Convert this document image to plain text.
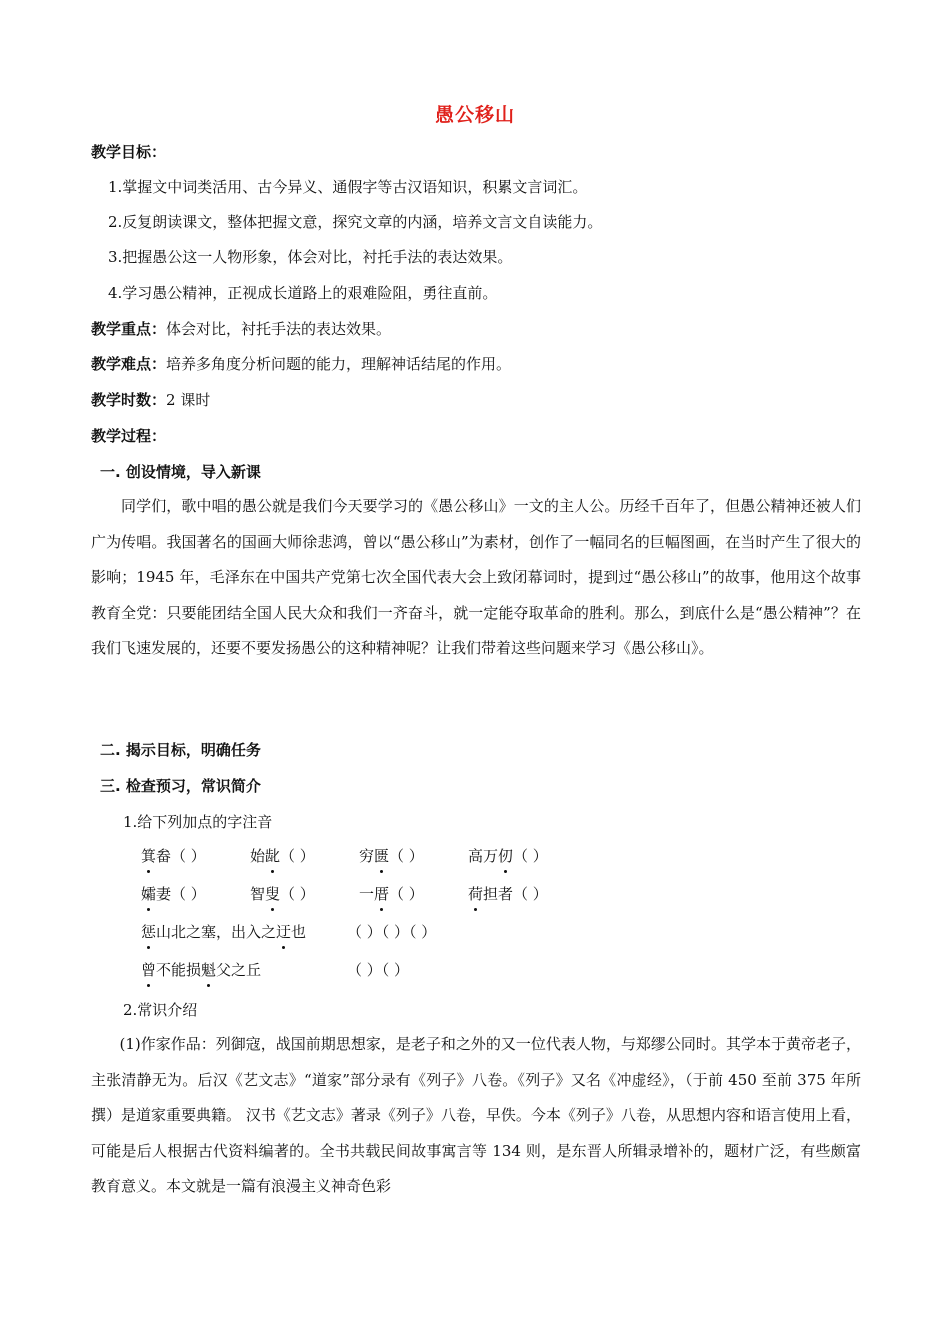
愚公移山
教学目标：
1.掌握文中词类活用、古今异义、通假字等古汉语知识，积累文言词汇。
2.反复朗读课文，整体把握文意，探究文章的内涵，培养文言文自读能力。
3.把握愚公这一人物形象，体会对比，衬托手法的表达效果。
4.学习愚公精神，正视成长道路上的艰难险阻，勇往直前。
教学重点：体会对比，衬托手法的表达效果。
教学难点：培养多角度分析问题的能力，理解神话结尾的作用。
教学时数：2 课时
教学过程：
一. 创设情境，导入新课
同学们，歌中唱的愚公就是我们今天要学习的《愚公移山》一文的主人公。历经千百年了，但愚公精神还被人们广为传唱。我国著名的国画大师徐悲鸿，曾以“愚公移山”为素材，创作了一幅同名的巨幅图画，在当时产生了很大的影响；1945 年，毛泽东在中国共产党第七次全国代表大会上致闭幕词时，提到过“愚公移山”的故事，他用这个故事教育全党：只要能团结全国人民大众和我们一齐奋斗，就一定能夺取革命的胜利。那么，到底什么是“愚公精神”？在我们飞速发展的，还要不要发扬愚公的这种精神呢？让我们带着这些问题来学习《愚公移山》。
二. 揭示目标，明确任务
三. 检查预习，常识简介
1.给下列加点的字注音
箕畚（ ）	始龀（ ）	穷匮（ ）	高万仞（ ）
孀妻（ ）	智叟（ ）	一厝（ ）	荷担者（ ）
惩山北之塞，出入之迂也	（ ）（ ）（ ）
曾不能损魁父之丘	（ ）（ ）
2.常识介绍
(1)作家作品：列御寇，战国前期思想家，是老子和之外的又一位代表人物，与郑缪公同时。其学本于黄帝老子，主张清静无为。后汉《艺文志》“道家”部分录有《列子》八卷。《列子》又名《冲虚经》，（于前 450 至前 375 年所撰）是道家重要典籍。 汉书《艺文志》著录《列子》八卷，早佚。今本《列子》八卷，从思想内容和语言使用上看，可能是后人根据古代资料编著的。全书共载民间故事寓言等 134 则，是东晋人所辑录增补的，题材广泛，有些颇富教育意义。本文就是一篇有浪漫主义神奇色彩
